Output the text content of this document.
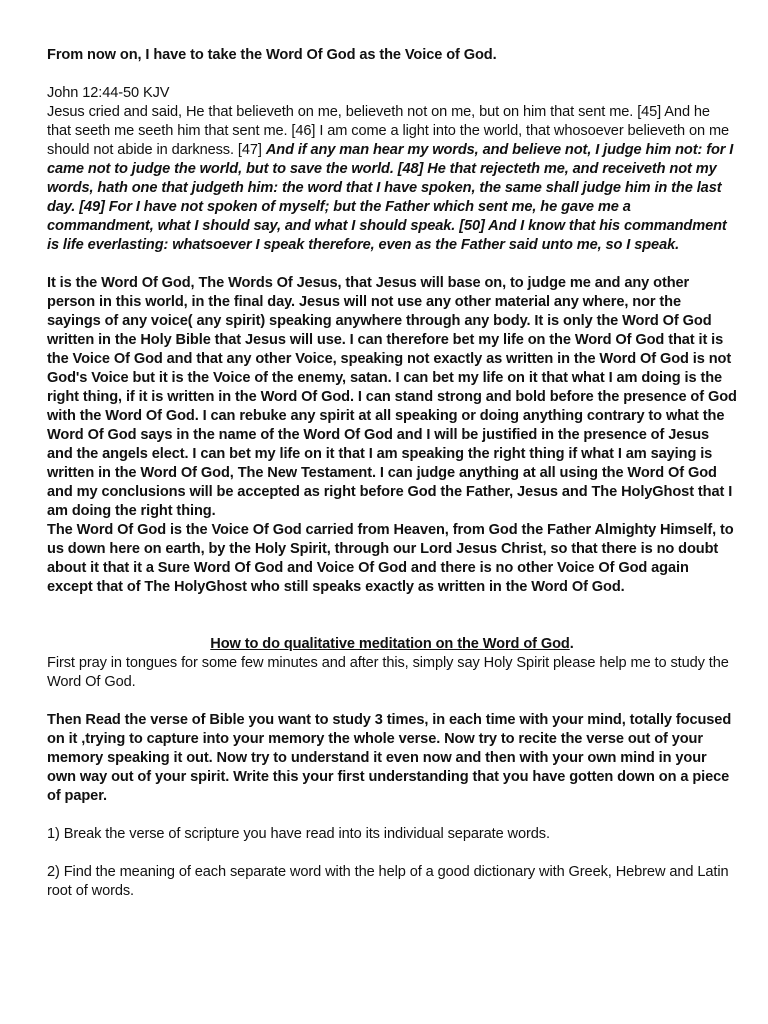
From now on, I have to take the Word Of God as the Voice of God.

John 12:44-50 KJV

Jesus cried and said, He that believeth on me, believeth not on me, but on him that sent me. [45] And he that seeth me seeth him that sent me. [46] I am come a light into the world, that whosoever believeth on me should not abide in darkness. [47] And if any man hear my words, and believe not, I judge him not: for I came not to judge the world, but to save the world. [48] He that rejecteth me, and receiveth not my words, hath one that judgeth him: the word that I have spoken, the same shall judge him in the last day. [49] For I have not spoken of myself; but the Father which sent me, he gave me a commandment, what I should say, and what I should speak. [50] And I know that his commandment is life everlasting: whatsoever I speak therefore, even as the Father said unto me, so I speak.

It is the Word Of God, The Words Of Jesus, that Jesus will base on, to judge me and any other person in this world, in the final day. Jesus will not use any other material any where, nor the sayings of any voice( any spirit) speaking anywhere through any body. It is only the Word Of God written in the Holy Bible that Jesus will use. I can therefore bet my life on the Word Of God that it is the Voice Of God and that any other Voice, speaking not exactly as written in the Word Of God is not God's Voice but it is the Voice of the enemy, satan. I can bet my life on it that what I am doing is the right thing, if it is written in the Word Of God. I can stand strong and bold before the presence of God with the Word Of God. I can rebuke any spirit at all speaking or doing anything contrary to what the Word Of God says in the name of the Word Of God and I will be justified in the presence of Jesus and the angels elect. I can bet my life on it that I am speaking the right thing if what I am saying is written in the Word Of God, The New Testament. I can judge anything at all using the Word Of God and my conclusions will be accepted as right before God the Father, Jesus and The HolyGhost that I am doing the right thing.

The Word Of God is the Voice Of God carried from Heaven, from God the Father Almighty Himself, to us down here on earth, by the Holy Spirit, through our Lord Jesus Christ, so that there is no doubt about it that it a Sure Word Of God and Voice Of God and there is no other Voice Of God again except that of The HolyGhost who still speaks exactly as written in the Word Of God.

How to do qualitative meditation on the Word of God.

First pray in tongues for some few minutes and after this, simply say Holy Spirit please help me to study the Word Of God.

Then Read the verse of Bible you want to study 3 times, in each time with your mind, totally focused on it ,trying to capture into your memory the whole verse. Now try to recite the verse out of your memory speaking it out. Now try to understand it even now and then with your own mind in your own way out of your spirit. Write this your first understanding that you have gotten down on a piece of paper.

1) Break the verse of scripture you have read into its individual separate words.

2) Find the meaning of each separate word with the help of a good dictionary with Greek, Hebrew and Latin root of words.
